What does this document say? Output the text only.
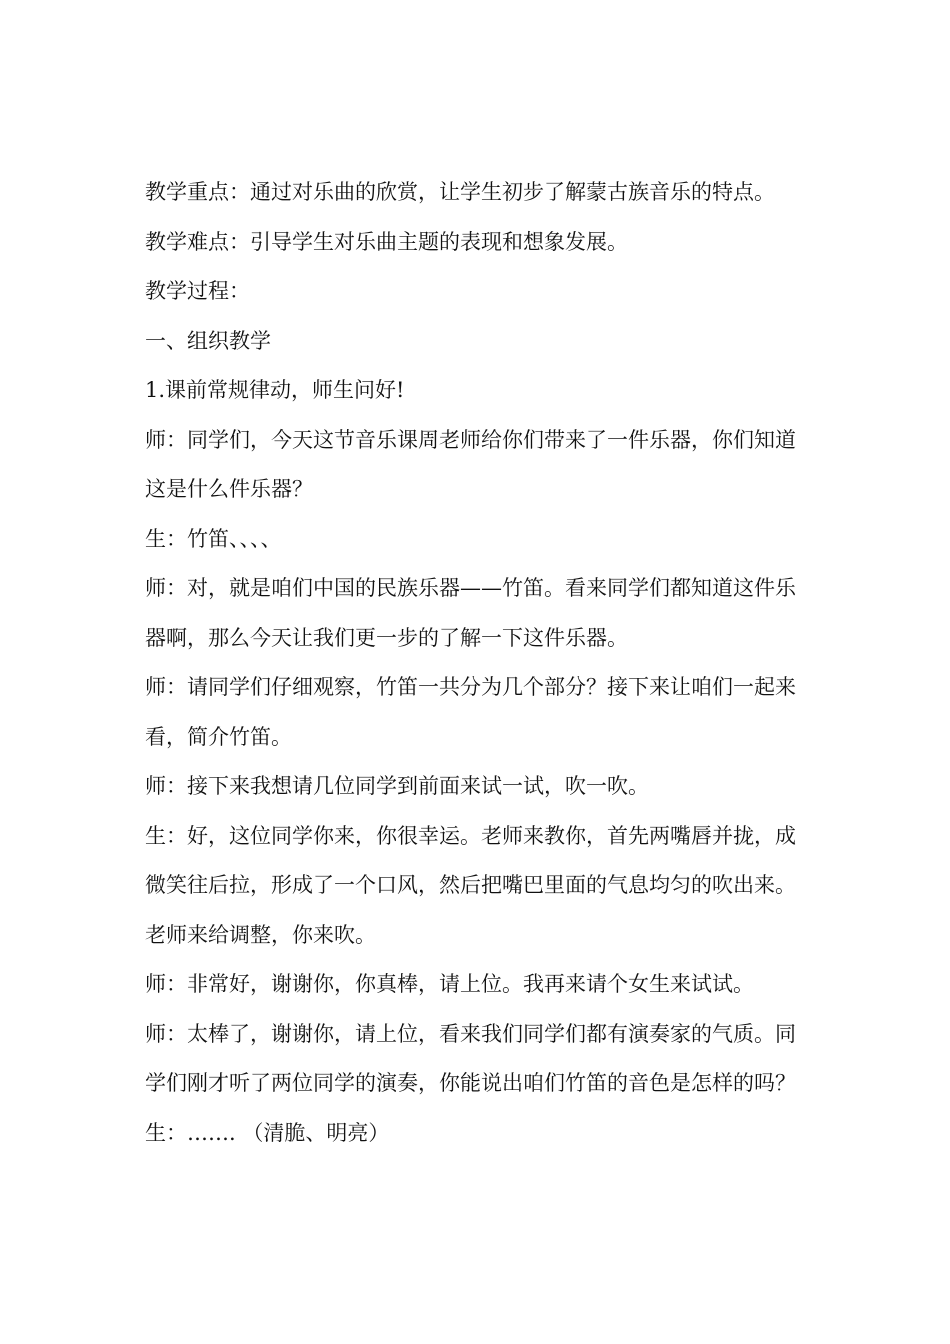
教学重点：通过对乐曲的欣赏，让学生初步了解蒙古族音乐的特点。

教学难点：引导学生对乐曲主题的表现和想象发展。

教学过程：

一、组织教学

1.课前常规律动，师生问好!

师：同学们，今天这节音乐课周老师给你们带来了一件乐器，你们知道这是什么件乐器？

生：竹笛、、、、

师：对，就是咱们中国的民族乐器——竹笛。看来同学们都知道这件乐器啊，那么今天让我们更一步的了解一下这件乐器。

师：请同学们仔细观察，竹笛一共分为几个部分？接下来让咱们一起来看，简介竹笛。

师：接下来我想请几位同学到前面来试一试，吹一吹。

生：好，这位同学你来，你很幸运。老师来教你，首先两嘴唇并拢，成微笑往后拉，形成了一个口风，然后把嘴巴里面的气息均匀的吹出来。老师来给调整，你来吹。

师：非常好，谢谢你，你真棒，请上位。我再来请个女生来试试。

师：太棒了，谢谢你，请上位，看来我们同学们都有演奏家的气质。同学们刚才听了两位同学的演奏，你能说出咱们竹笛的音色是怎样的吗？

生：……. （清脆、明亮）
